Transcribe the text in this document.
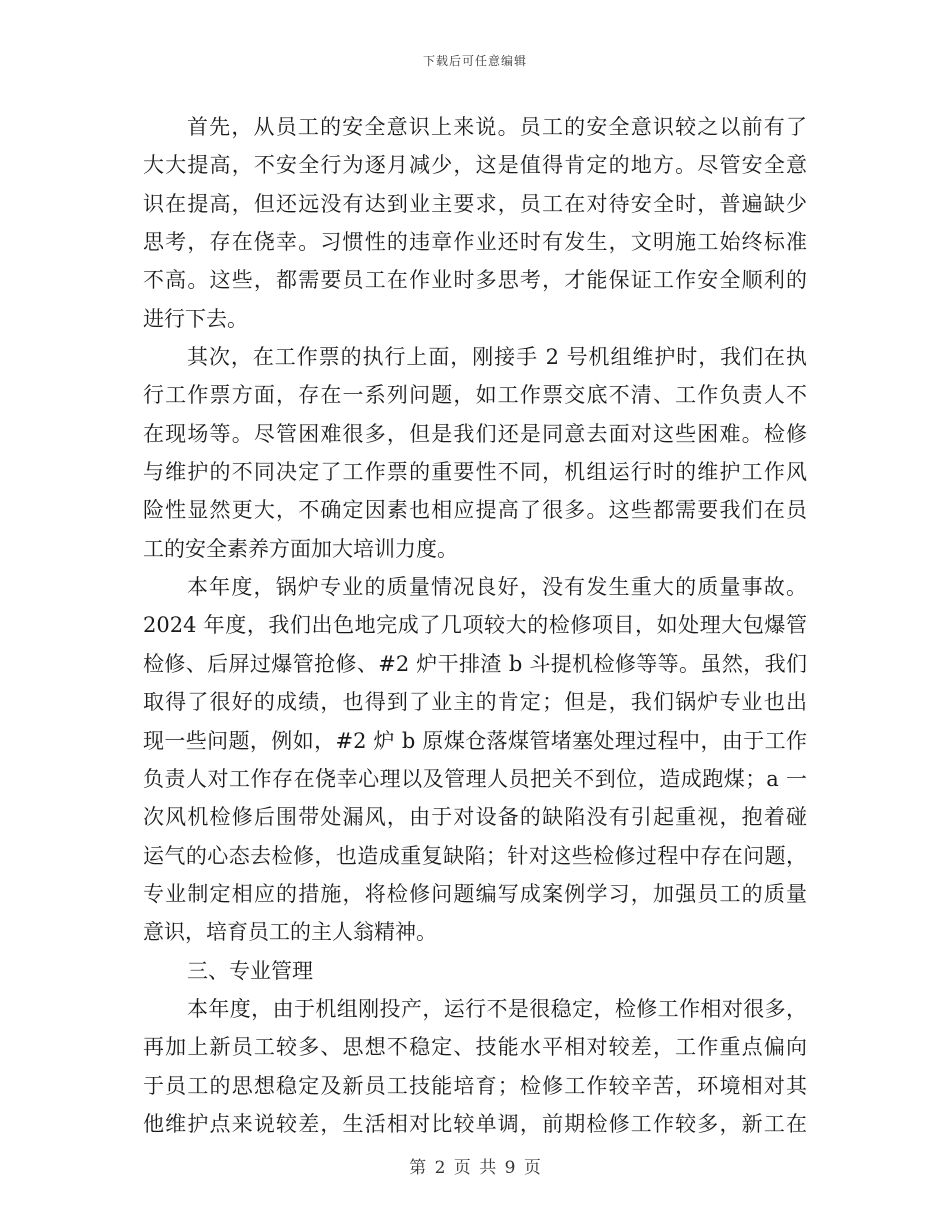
下载后可任意编辑
首先，从员工的安全意识上来说。员工的安全意识较之以前有了
大大提高，不安全行为逐月减少，这是值得肯定的地方。尽管安全意
识在提高，但还远没有达到业主要求，员工在对待安全时，普遍缺少
思考，存在侥幸。习惯性的违章作业还时有发生，文明施工始终标准
不高。这些，都需要员工在作业时多思考，才能保证工作安全顺利的
进行下去。
其次，在工作票的执行上面，刚接手 2 号机组维护时，我们在执
行工作票方面，存在一系列问题，如工作票交底不清、工作负责人不
在现场等。尽管困难很多，但是我们还是同意去面对这些困难。检修
与维护的不同决定了工作票的重要性不同，机组运行时的维护工作风
险性显然更大，不确定因素也相应提高了很多。这些都需要我们在员
工的安全素养方面加大培训力度。
本年度，锅炉专业的质量情况良好，没有发生重大的质量事故。
2024 年度，我们出色地完成了几项较大的检修项目，如处理大包爆管
检修、后屏过爆管抢修、#2 炉干排渣 b 斗提机检修等等。虽然，我们
取得了很好的成绩，也得到了业主的肯定；但是，我们锅炉专业也出
现一些问题，例如，#2 炉 b 原煤仓落煤管堵塞处理过程中，由于工作
负责人对工作存在侥幸心理以及管理人员把关不到位，造成跑煤；a 一
次风机检修后围带处漏风，由于对设备的缺陷没有引起重视，抱着碰
运气的心态去检修，也造成重复缺陷；针对这些检修过程中存在问题，
专业制定相应的措施，将检修问题编写成案例学习，加强员工的质量
意识，培育员工的主人翁精神。
三、专业管理
本年度，由于机组刚投产，运行不是很稳定，检修工作相对很多，
再加上新员工较多、思想不稳定、技能水平相对较差，工作重点偏向
于员工的思想稳定及新员工技能培育；检修工作较辛苦，环境相对其
他维护点来说较差，生活相对比较单调，前期检修工作较多，新工在
第 2 页 共 9 页
